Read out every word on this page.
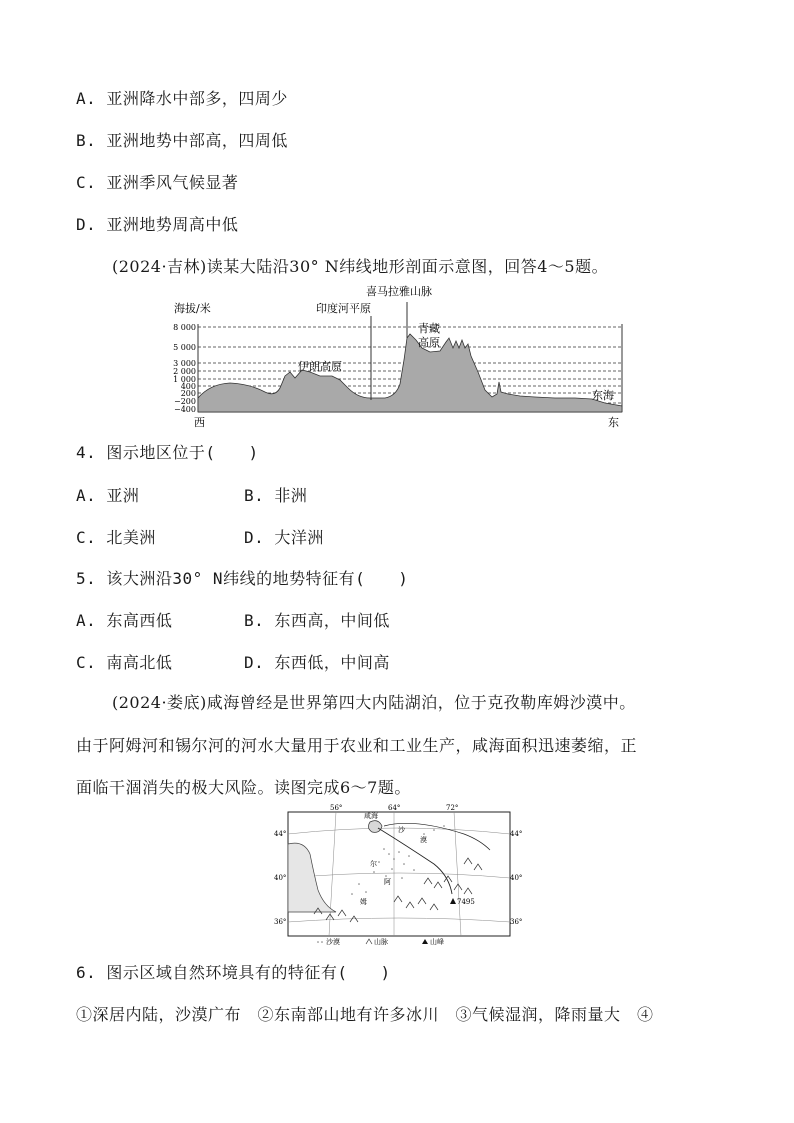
A. 亚洲降水中部多，四周少
B. 亚洲地势中部高，四周低
C. 亚洲季风气候显著
D. 亚洲地势周高中低
(2024·吉林)读某大陆沿30° N纬线地形剖面示意图，回答4～5题。
海拔/米
8 000
5 000
3 000
2 000
1 000
400
200
−200
−400
喜马拉雅山脉
印度河平原
青藏
高原
伊朗高原
东海
西	东
4. 图示地区位于(　　)
A. 亚洲	B. 非洲
C. 北美洲	D. 大洋洲
5. 该大洲沿30° N纬线的地势特征有(　　)
A. 东高西低	B. 东西高，中间低
C. 南高北低	D. 东西低，中间高
(2024·娄底)咸海曾经是世界第四大内陆湖泊，位于克孜勒库姆沙漠中。
由于阿姆河和锡尔河的河水大量用于农业和工业生产，咸海面积迅速萎缩，正
面临干涸消失的极大风险。读图完成6～7题。
56°	64°	72°
44°
40°
36°
44°
40°
36°
咸海
沙
漠
尔
阿
姆	7495
沙漠	山脉	山峰
6. 图示区域自然环境具有的特征有(　　)
①深居内陆，沙漠广布　②东南部山地有许多冰川　③气候湿润，降雨量大　④
